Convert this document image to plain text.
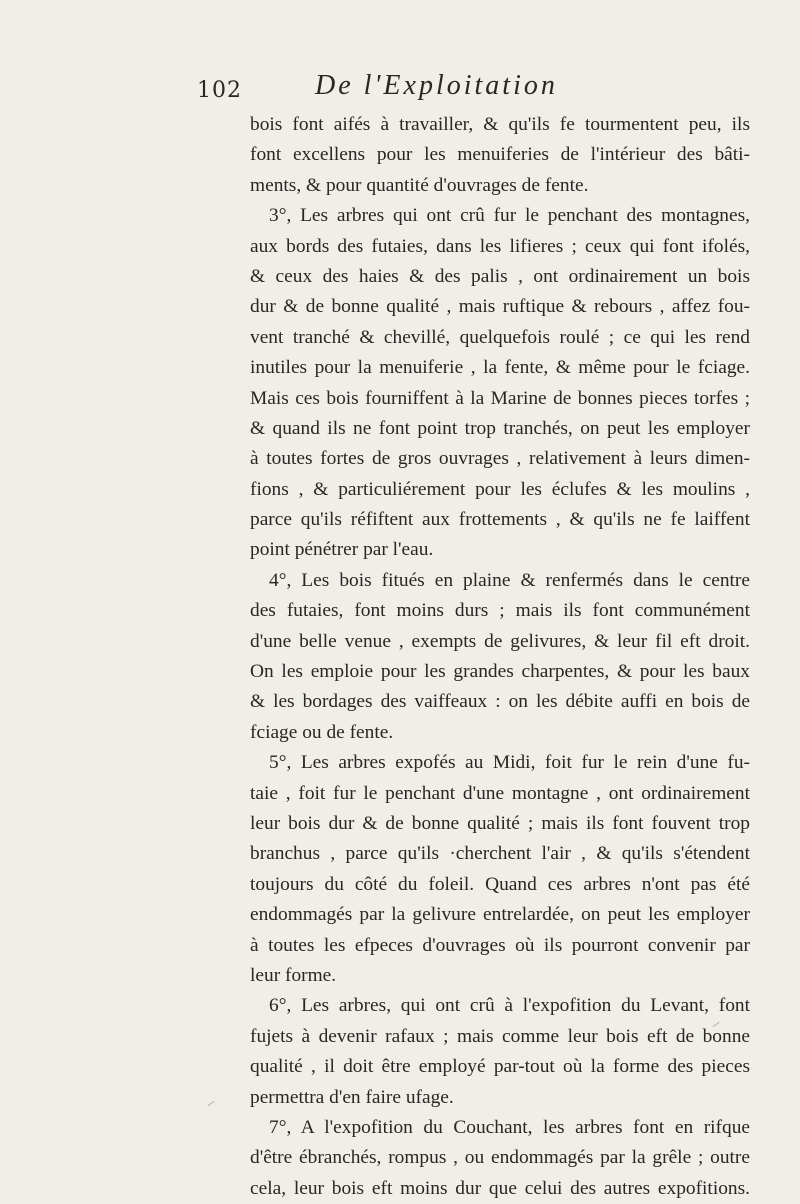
102	De l'Exploitation
bois font aifés à travailler, & qu'ils fe tourmentent peu, ils
font excellens pour les menuiferies de l'intérieur des bâti-
ments, & pour quantité d'ouvrages de fente.
3°, Les arbres qui ont crû fur le penchant des montagnes,
aux bords des futaies, dans les lifieres ; ceux qui font ifolés,
& ceux des haies & des palis , ont ordinairement un bois
dur & de bonne qualité , mais ruftique & rebours , affez fou-
vent tranché & chevillé, quelquefois roulé ; ce qui les rend
inutiles pour la menuiferie , la fente, & même pour le fciage.
Mais ces bois fourniffent à la Marine de bonnes pieces torfes ;
& quand ils ne font point trop tranchés, on peut les employer
à toutes fortes de gros ouvrages , relativement à leurs dimen-
fions , & particuliérement pour les éclufes & les moulins ,
parce qu'ils réfiftent aux frottements , & qu'ils ne fe laiffent
point pénétrer par l'eau.
4°, Les bois fitués en plaine & renfermés dans le centre
des futaies, font moins durs ; mais ils font communément
d'une belle venue , exempts de gelivures, & leur fil eft droit.
On les emploie pour les grandes charpentes, & pour les baux
& les bordages des vaiffeaux : on les débite auffi en bois de
fciage ou de fente.
5°, Les arbres expofés au Midi, foit fur le rein d'une fu-
taie , foit fur le penchant d'une montagne , ont ordinairement
leur bois dur & de bonne qualité ; mais ils font fouvent trop
branchus , parce qu'ils ·cherchent l'air , & qu'ils s'étendent
toujours du côté du foleil. Quand ces arbres n'ont pas été
endommagés par la gelivure entrelardée, on peut les employer
à toutes les efpeces d'ouvrages où ils pourront convenir par
leur forme.
6°, Les arbres, qui ont crû à l'expofition du Levant, font
fujets à devenir rafaux ; mais comme leur bois eft de bonne
qualité , il doit être employé par-tout où la forme des pieces
permettra d'en faire ufage.
7°, A l'expofition du Couchant, les arbres font en rifque
d'être ébranchés, rompus , ou endommagés par la grêle ; outre
cela, leur bois eft moins dur que celui des autres expofitions.
